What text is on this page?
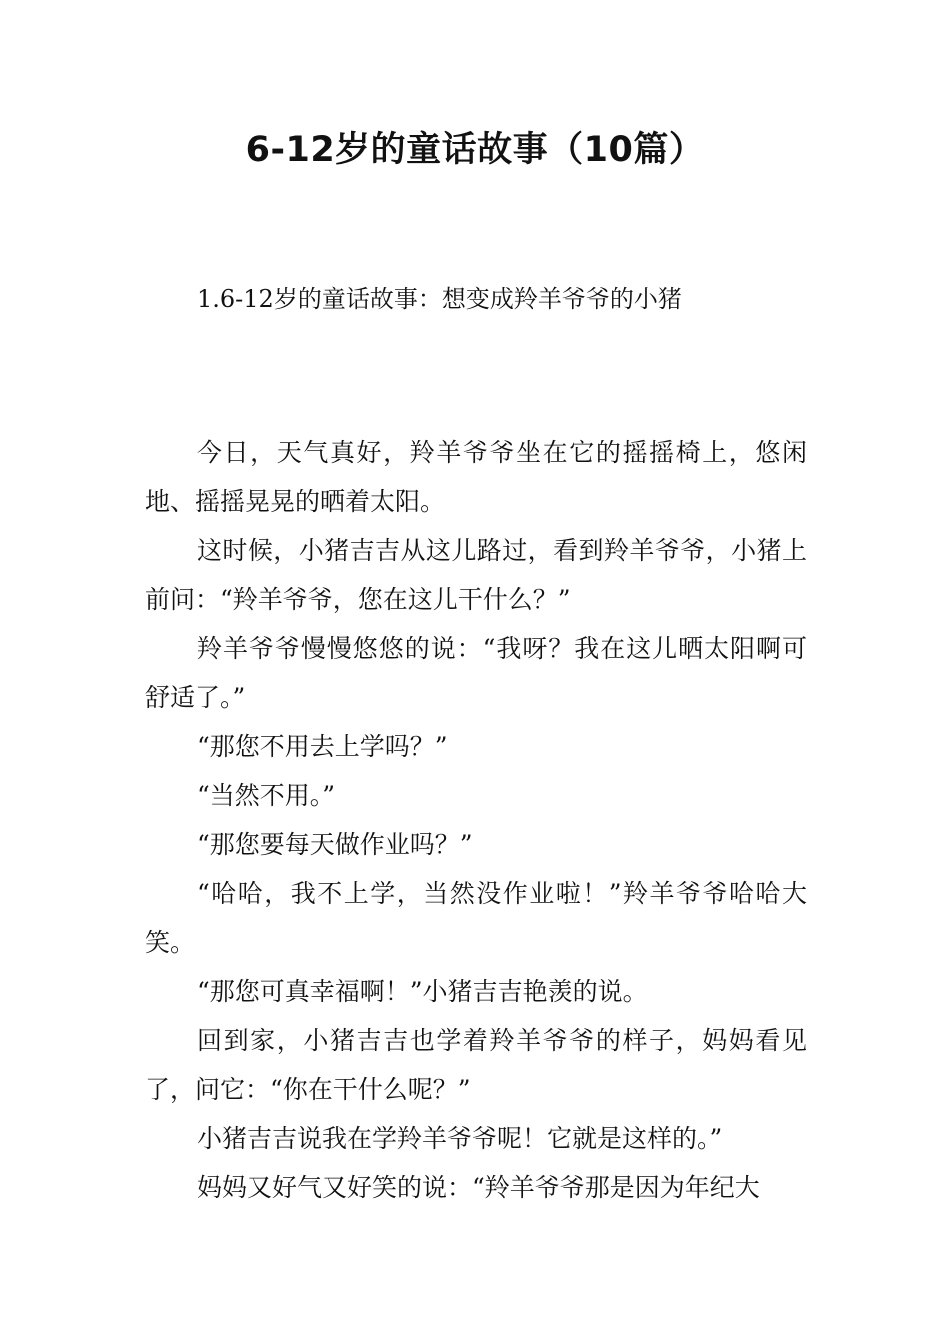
6-12岁的童话故事（10篇）
1.6-12岁的童话故事：想变成羚羊爷爷的小猪

今日，天气真好，羚羊爷爷坐在它的摇摇椅上，悠闲地、摇摇晃晃的晒着太阳。

这时候，小猪吉吉从这儿路过，看到羚羊爷爷，小猪上前问：“羚羊爷爷，您在这儿干什么？”

羚羊爷爷慢慢悠悠的说：“我呀？我在这儿晒太阳啊可舒适了。”

“那您不用去上学吗？”

“当然不用。”

“那您要每天做作业吗？”

“哈哈，我不上学，当然没作业啦！”羚羊爷爷哈哈大笑。

“那您可真幸福啊！”小猪吉吉艳羡的说。

回到家，小猪吉吉也学着羚羊爷爷的样子，妈妈看见了，问它：“你在干什么呢？”

小猪吉吉说我在学羚羊爷爷呢！它就是这样的。”

妈妈又好气又好笑的说：“羚羊爷爷那是因为年纪大
